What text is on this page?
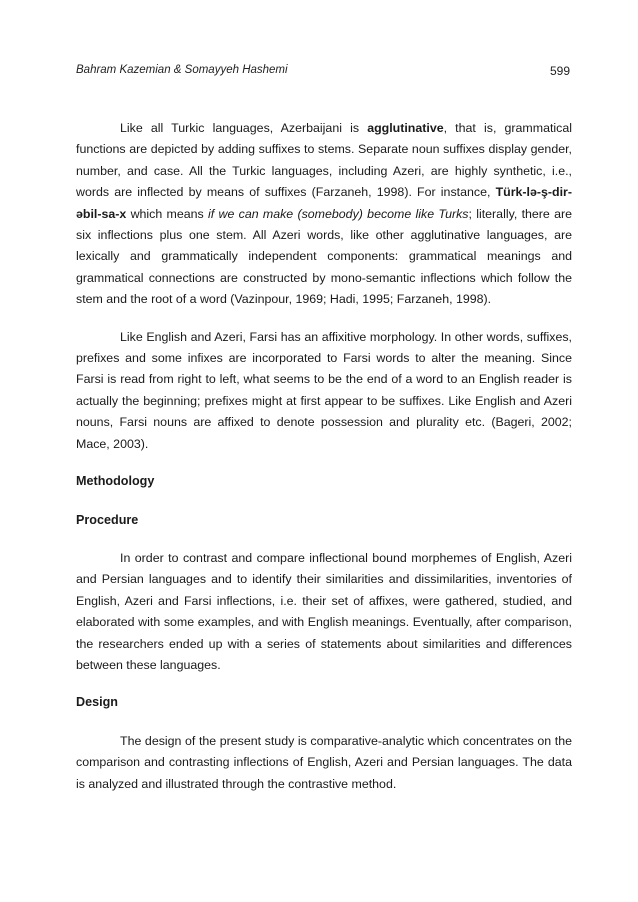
Bahram Kazemian & Somayyeh Hashemi	599

Like all Turkic languages, Azerbaijani is agglutinative, that is, grammatical functions are depicted by adding suffixes to stems. Separate noun suffixes display gender, number, and case. All the Turkic languages, including Azeri, are highly synthetic, i.e., words are inflected by means of suffixes (Farzaneh, 1998). For instance, Türk-lə-ş-dir-əbil-sa-x which means if we can make (somebody) become like Turks; literally, there are six inflections plus one stem. All Azeri words, like other agglutinative languages, are lexically and grammatically independent components: grammatical meanings and grammatical connections are constructed by mono-semantic inflections which follow the stem and the root of a word (Vazinpour, 1969; Hadi, 1995; Farzaneh, 1998).

Like English and Azeri, Farsi has an affixitive morphology. In other words, suffixes, prefixes and some infixes are incorporated to Farsi words to alter the meaning. Since Farsi is read from right to left, what seems to be the end of a word to an English reader is actually the beginning; prefixes might at first appear to be suffixes. Like English and Azeri nouns, Farsi nouns are affixed to denote possession and plurality etc. (Bageri, 2002; Mace, 2003).

Methodology
Procedure

In order to contrast and compare inflectional bound morphemes of English, Azeri and Persian languages and to identify their similarities and dissimilarities, inventories of English, Azeri and Farsi inflections, i.e. their set of affixes, were gathered, studied, and elaborated with some examples, and with English meanings. Eventually, after comparison, the researchers ended up with a series of statements about similarities and differences between these languages.

Design

The design of the present study is comparative-analytic which concentrates on the comparison and contrasting inflections of English, Azeri and Persian languages. The data is analyzed and illustrated through the contrastive method.
